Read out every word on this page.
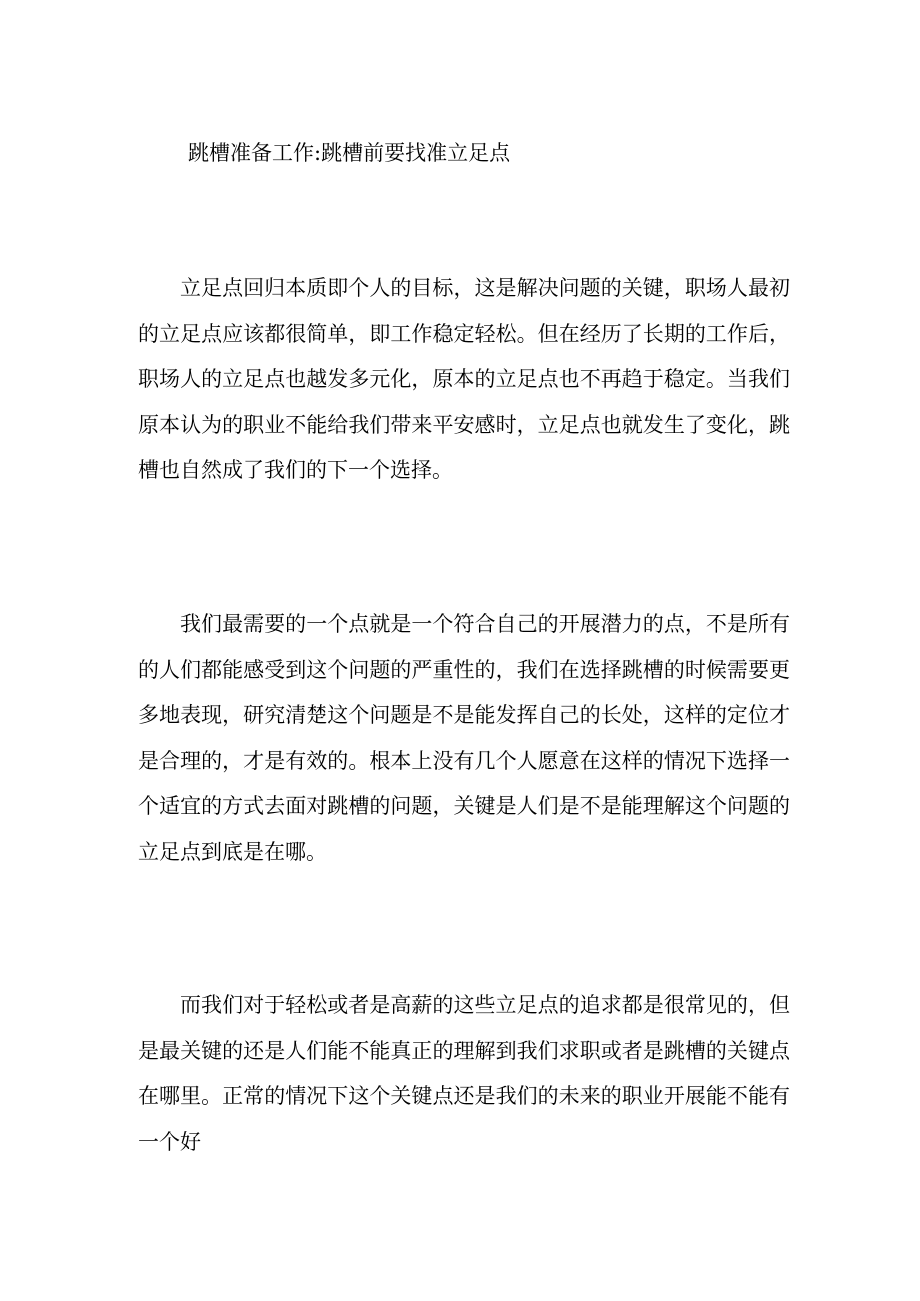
跳槽准备工作:跳槽前要找准立足点

立足点回归本质即个人的目标，这是解决问题的关键，职场人最初的立足点应该都很简单，即工作稳定轻松。但在经历了长期的工作后，职场人的立足点也越发多元化，原本的立足点也不再趋于稳定。当我们原本认为的职业不能给我们带来平安感时，立足点也就发生了变化，跳槽也自然成了我们的下一个选择。

我们最需要的一个点就是一个符合自己的开展潜力的点，不是所有的人们都能感受到这个问题的严重性的，我们在选择跳槽的时候需要更多地表现，研究清楚这个问题是不是能发挥自己的长处，这样的定位才是合理的，才是有效的。根本上没有几个人愿意在这样的情况下选择一个适宜的方式去面对跳槽的问题，关键是人们是不是能理解这个问题的立足点到底是在哪。

而我们对于轻松或者是高薪的这些立足点的追求都是很常见的，但是最关键的还是人们能不能真正的理解到我们求职或者是跳槽的关键点在哪里。正常的情况下这个关键点还是我们的未来的职业开展能不能有一个好
